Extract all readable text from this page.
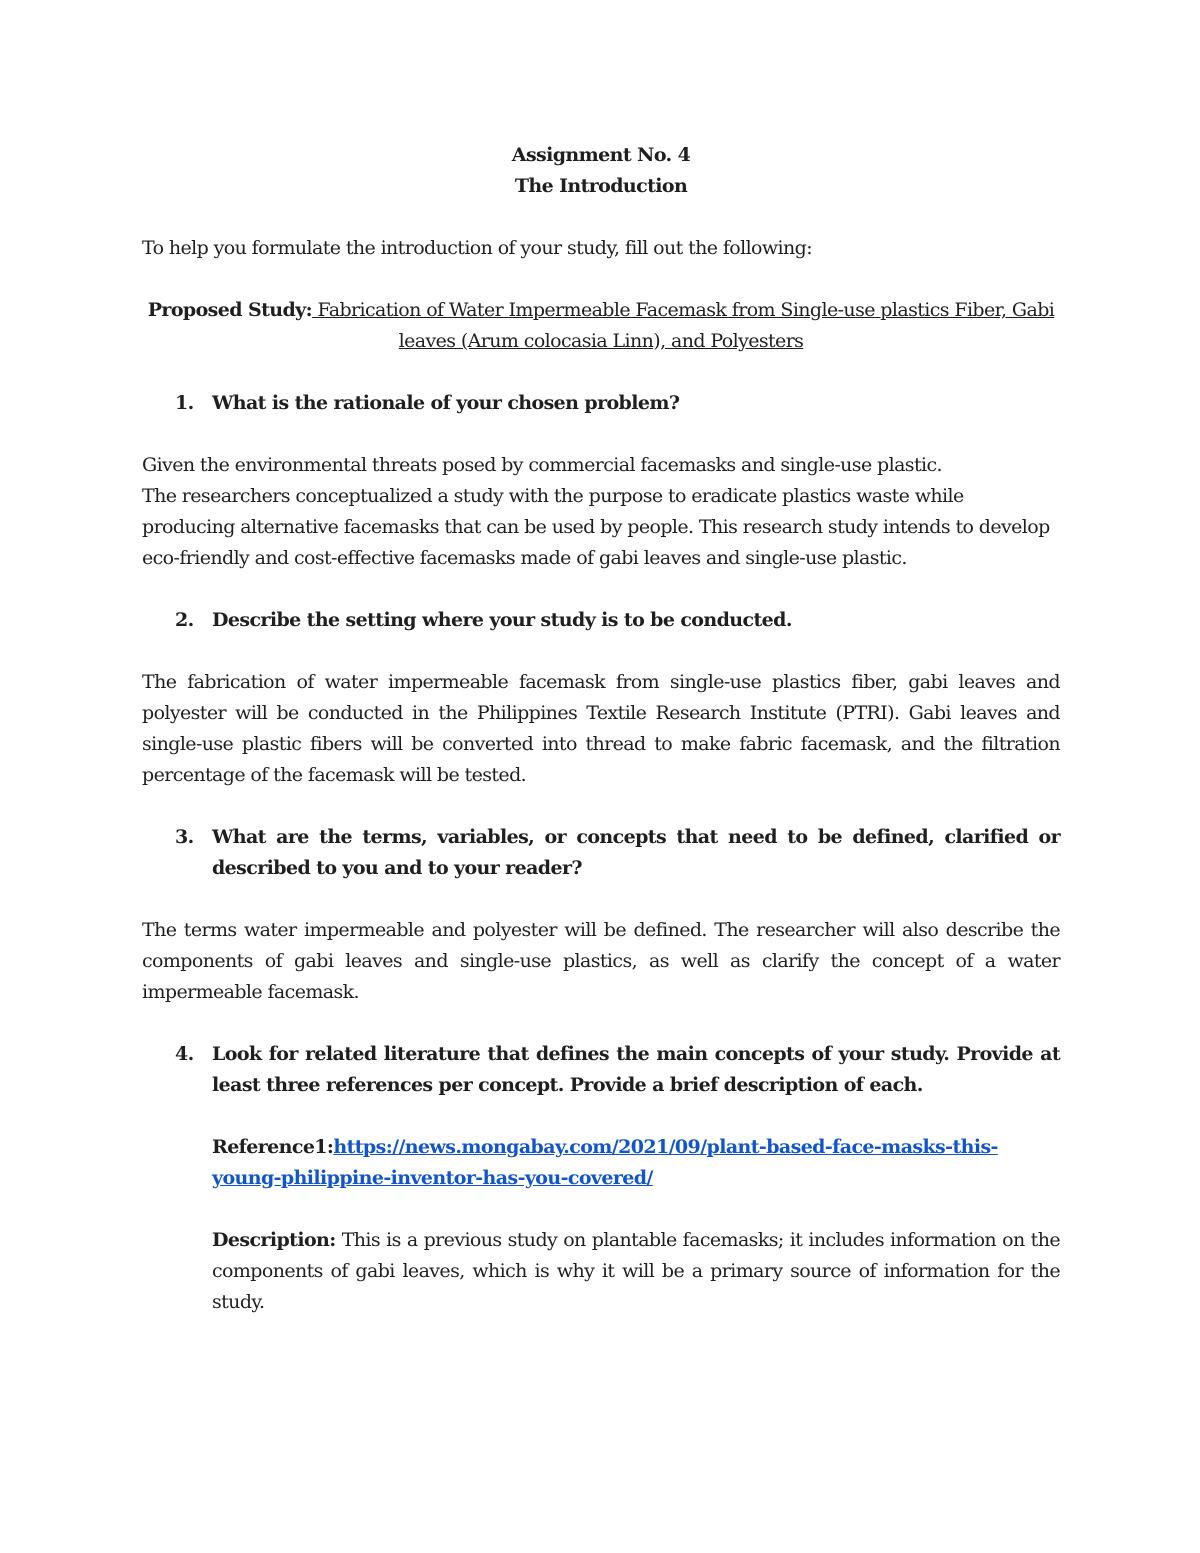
Assignment No. 4
The Introduction

To help you formulate the introduction of your study, fill out the following:

Proposed Study: Fabrication of Water Impermeable Facemask from Single-use plastics Fiber, Gabi leaves (Arum colocasia Linn), and Polyesters

1. What is the rationale of your chosen problem?

Given the environmental threats posed by commercial facemasks and single-use plastic.

The researchers conceptualized a study with the purpose to eradicate plastics waste while producing alternative facemasks that can be used by people. This research study intends to develop eco-friendly and cost-effective facemasks made of gabi leaves and single-use plastic.

2. Describe the setting where your study is to be conducted.

The fabrication of water impermeable facemask from single-use plastics fiber, gabi leaves and polyester will be conducted in the Philippines Textile Research Institute (PTRI). Gabi leaves and single-use plastic fibers will be converted into thread to make fabric facemask, and the filtration percentage of the facemask will be tested.

3. What are the terms, variables, or concepts that need to be defined, clarified or described to you and to your reader?

The terms water impermeable and polyester will be defined. The researcher will also describe the components of gabi leaves and single-use plastics, as well as clarify the concept of a water impermeable facemask.

4. Look for related literature that defines the main concepts of your study. Provide at least three references per concept. Provide a brief description of each.

Reference1:https://news.mongabay.com/2021/09/plant-based-face-masks-this-young-philippine-inventor-has-you-covered/

Description: This is a previous study on plantable facemasks; it includes information on the components of gabi leaves, which is why it will be a primary source of information for the study.
